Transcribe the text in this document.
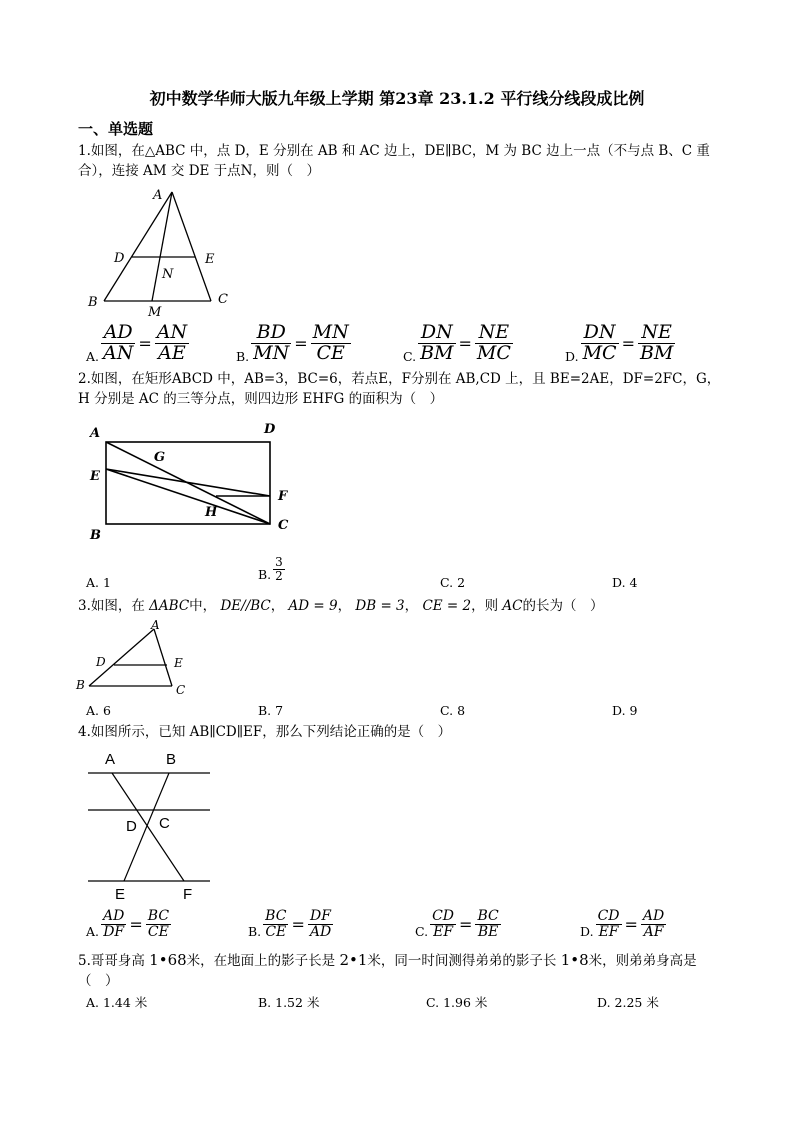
初中数学华师大版九年级上学期 第23章 23.1.2 平行线分线段成比例
一、单选题
1.如图，在△ABC 中，点 D，E 分别在 AB 和 AC 边上，DE∥BC，M 为 BC 边上一点（不与点 B、C 重合），连接 AM 交 DE 于点N，则（　）
A
D	E
N
B	C
M
A. $\frac{AD}{AN} = \frac{AN}{AE}$	B. $\frac{BD}{MN} = \frac{MN}{CE}$	C. $\frac{DN}{BM} = \frac{NE}{MC}$	D. $\frac{DN}{MC} = \frac{NE}{BM}$
2.如图，在矩形ABCD 中，AB=3，BC=6，若点E，F分别在 AB,CD 上，且 BE=2AE，DF=2FC，G，H 分别是 AC 的三等分点，则四边形 EHFG 的面积为（　）
A	D
E
G
F
H
C
B
A. 1
B. $\frac{3}{2}$
C. 2	D. 4
3.如图，在 ΔABC中， DE//BC， AD = 9， DB = 3， CE = 2，则 AC的长为（　）
A
D	E
B	C
A. 6	B. 7	C. 8	D. 9
4.如图所示，已知 AB∥CD∥EF，那么下列结论正确的是（　）
A	B
D C
E	F
A. $\frac{AD}{DF} = \frac{BC}{CE}$	B. $\frac{BC}{CE} = \frac{DF}{AD}$	C. $\frac{CD}{EF} = \frac{BC}{BE}$	D. $\frac{CD}{EF} = \frac{AD}{AF}$
5.哥哥身高 1•68米，在地面上的影子长是 2•1米，同一时间测得弟弟的影子长 1•8米，则弟弟身高是（　）
A. 1.44 米	B. 1.52 米	C. 1.96 米	D. 2.25 米
